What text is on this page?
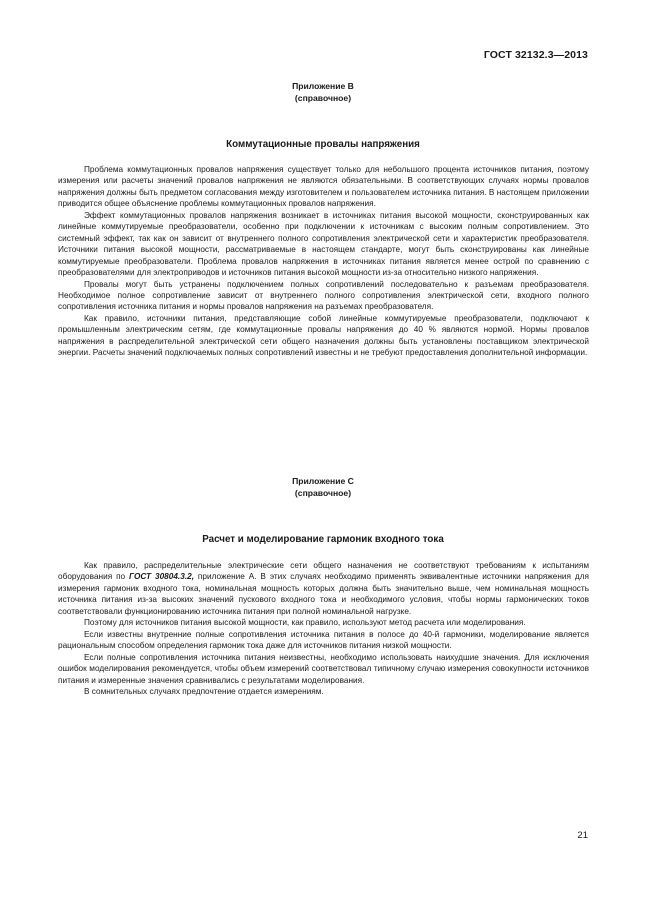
ГОСТ 32132.3—2013
Приложение В
(справочное)
Коммутационные провалы напряжения

Проблема коммутационных провалов напряжения существует только для небольшого процента источников питания, поэтому измерения или расчеты значений провалов напряжения не являются обязательными. В соответствующих случаях нормы провалов напряжения должны быть предметом согласования между изготовителем и пользователем источника питания. В настоящем приложении приводится общее объяснение проблемы коммутационных провалов напряжения.

Эффект коммутационных провалов напряжения возникает в источниках питания высокой мощности, сконструированных как линейные коммутируемые преобразователи, особенно при подключении к источникам с высоким полным сопротивлением. Это системный эффект, так как он зависит от внутреннего полного сопротивления электрической сети и характеристик преобразователя. Источники питания высокой мощности, рассматриваемые в настоящем стандарте, могут быть сконструированы как линейные коммутируемые преобразователи. Проблема провалов напряжения в источниках питания является менее острой по сравнению с преобразователями для электроприводов и источников питания высокой мощности из-за относительно низкого напряжения.

Провалы могут быть устранены подключением полных сопротивлений последовательно к разъемам преобразователя. Необходимое полное сопротивление зависит от внутреннего полного сопротивления электрической сети, входного полного сопротивления источника питания и нормы провалов напряжения на разъемах преобразователя.

Как правило, источники питания, представляющие собой линейные коммутируемые преобразователи, подключают к промышленным электрическим сетям, где коммутационные провалы напряжения до 40 % являются нормой. Нормы провалов напряжения в распределительной электрической сети общего назначения должны быть установлены поставщиком электрической энергии. Расчеты значений подключаемых полных сопротивлений известны и не требуют предоставления дополнительной информации.

Приложение С
(справочное)
Расчет и моделирование гармоник входного тока

Как правило, распределительные электрические сети общего назначения не соответствуют требованиям к испытаниям оборудования по ГОСТ 30804.3.2, приложение А. В этих случаях необходимо применять эквивалентные источники напряжения для измерения гармоник входного тока, номинальная мощность которых должна быть значительно выше, чем номинальная мощность источника питания из-за высоких значений пускового входного тока и необходимого условия, чтобы нормы гармонических токов соответствовали функционированию источника питания при полной номинальной нагрузке.

Поэтому для источников питания высокой мощности, как правило, используют метод расчета или моделирования.

Если известны внутренние полные сопротивления источника питания в полосе до 40-й гармоники, моделирование является рациональным способом определения гармоник тока даже для источников питания низкой мощности.

Если полные сопротивления источника питания неизвестны, необходимо использовать наихудшие значения. Для исключения ошибок моделирования рекомендуется, чтобы объем измерений соответствовал типичному случаю измерения совокупности источников питания и измеренные значения сравнивались с результатами моделирования.

В сомнительных случаях предпочтение отдается измерениям.

21
